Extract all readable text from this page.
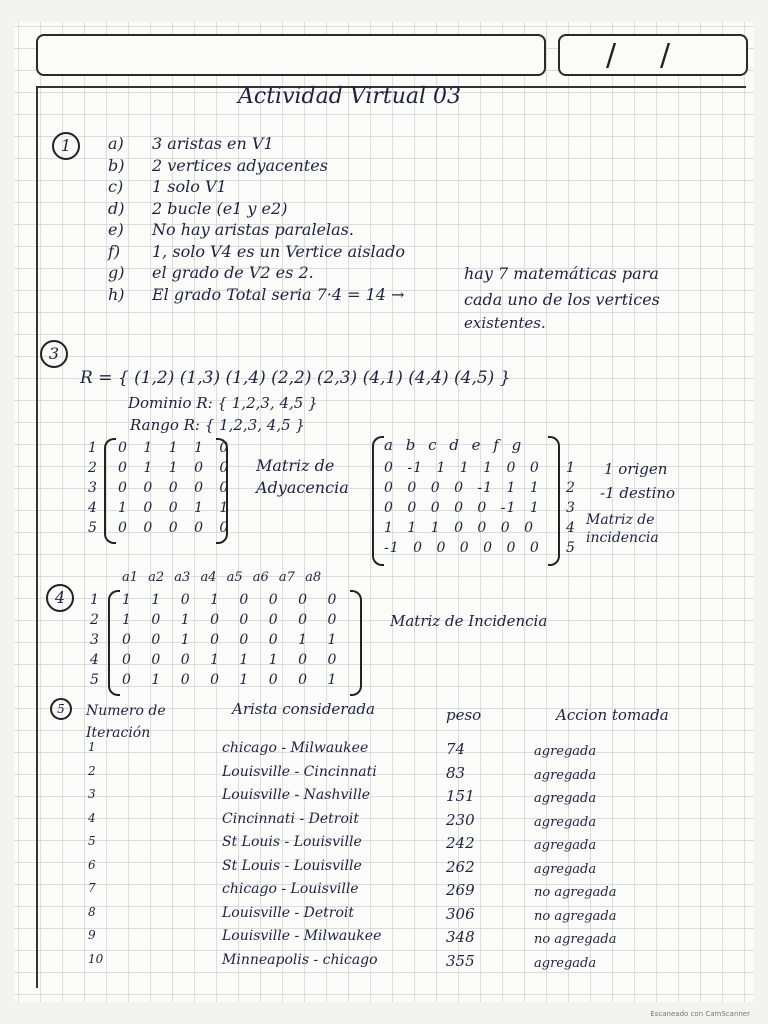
/ /
Actividad Virtual 03
1	a) 3 aristas en V1
b) 2 vertices adyacentes
c) 1 solo V1
d) 2 bucle (e1 y e2)
e) No hay aristas paralelas.
f) 1, solo V4 es un Vertice aislado
g) el grado de V2 es 2.
h) El grado Total seria 7·4 = 14 →
hay 7 matemáticas para
cada uno de los vertices
existentes.
3
R = { (1,2) (1,3) (1,4) (2,2) (2,3) (4,1) (4,4) (4,5) }
Dominio R: { 1,2,3, 4,5 }
Rango R: { 1,2,3, 4,5 }
1 0 1 1 1 0
2 0 1 1 0 0
3 0 0 0 0 0
4 1 0 0 1 1
5 0 0 0 0 0
Matriz de
Adyacencia
a b c d e f g
0 -1 1 1 1 0 0 1
0 0 0 0 -1 1 1 2
0 0 0 0 0 -1 1 3
1 1 1 0 0 0 0 4
-1 0 0 0 0 0 0 5
1 origen
-1 destino
Matriz de
incidencia
4
a1 a2 a3 a4 a5 a6 a7 a8
1 1 1 0 1 0 0 0 0
2 1 0 1 0 0 0 0 0
3 0 0 1 0 0 0 1 1
4 0 0 0 1 1 1 0 0
5 0 1 0 0 1 0 0 1
Matriz de Incidencia
5	Numero de Iteración
Arista considerada	peso	Accion tomada
1	chicago - Milwaukee	74	agregada
2	Louisville - Cincinnati	83	agregada
3	Louisville - Nashville	151	agregada
4	Cincinnati - Detroit	230	agregada
5	St Louis - Louisville	242	agregada
6	St Louis - Louisville	262	agregada
7	chicago - Louisville	269	no agregada
8	Louisville - Detroit	306	no agregada
9	Louisville - Milwaukee	348	no agregada
10	Minneapolis - chicago	355	agregada
Escaneado con CamScanner
